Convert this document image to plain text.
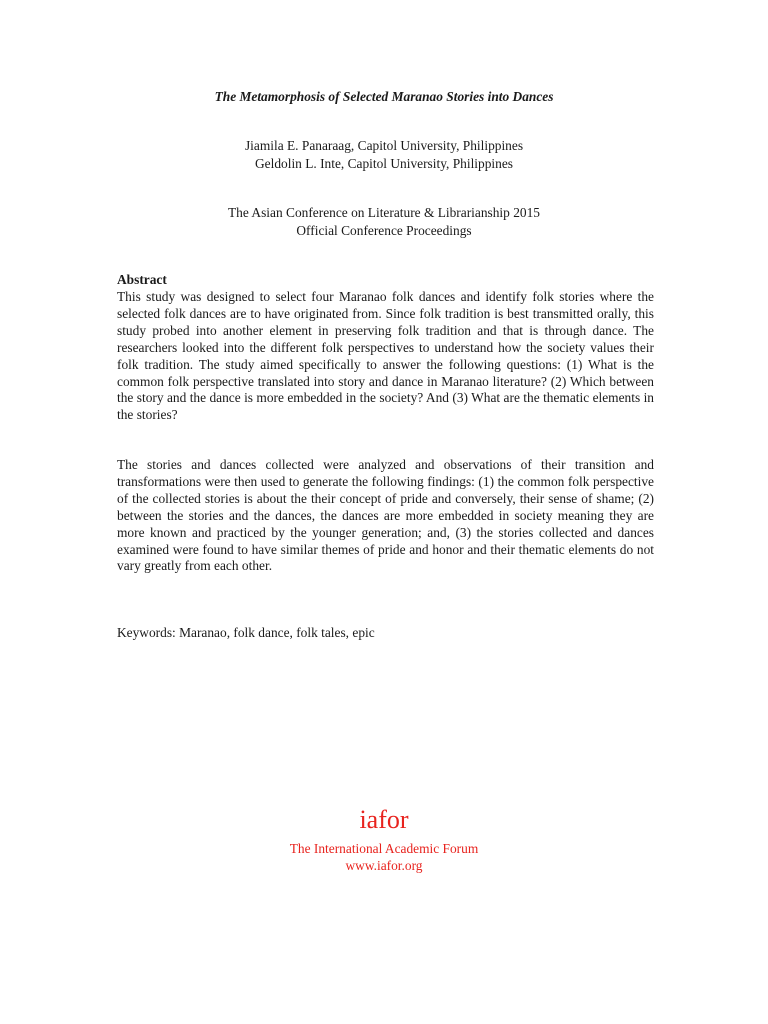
The Metamorphosis of Selected Maranao Stories into Dances
Jiamila E. Panaraag, Capitol University, Philippines
Geldolin L. Inte, Capitol University, Philippines
The Asian Conference on Literature & Librarianship 2015
Official Conference Proceedings
Abstract

This study was designed to select four Maranao folk dances and identify folk stories where the selected folk dances are to have originated from. Since folk tradition is best transmitted orally, this study probed into another element in preserving folk tradition and that is through dance. The researchers looked into the different folk perspectives to understand how the society values their folk tradition. The study aimed specifically to answer the following questions: (1) What is the common folk perspective translated into story and dance in Maranao literature? (2) Which between the story and the dance is more embedded in the society? And (3) What are the thematic elements in the stories?

The stories and dances collected were analyzed and observations of their transition and transformations were then used to generate the following findings: (1) the common folk perspective of the collected stories is about the their concept of pride and conversely, their sense of shame; (2) between the stories and the dances, the dances are more embedded in society meaning they are more known and practiced by the younger generation; and, (3) the stories collected and dances examined were found to have similar themes of pride and honor and their thematic elements do not vary greatly from each other.

Keywords: Maranao, folk dance, folk tales, epic
iafor
The International Academic Forum
www.iafor.org
